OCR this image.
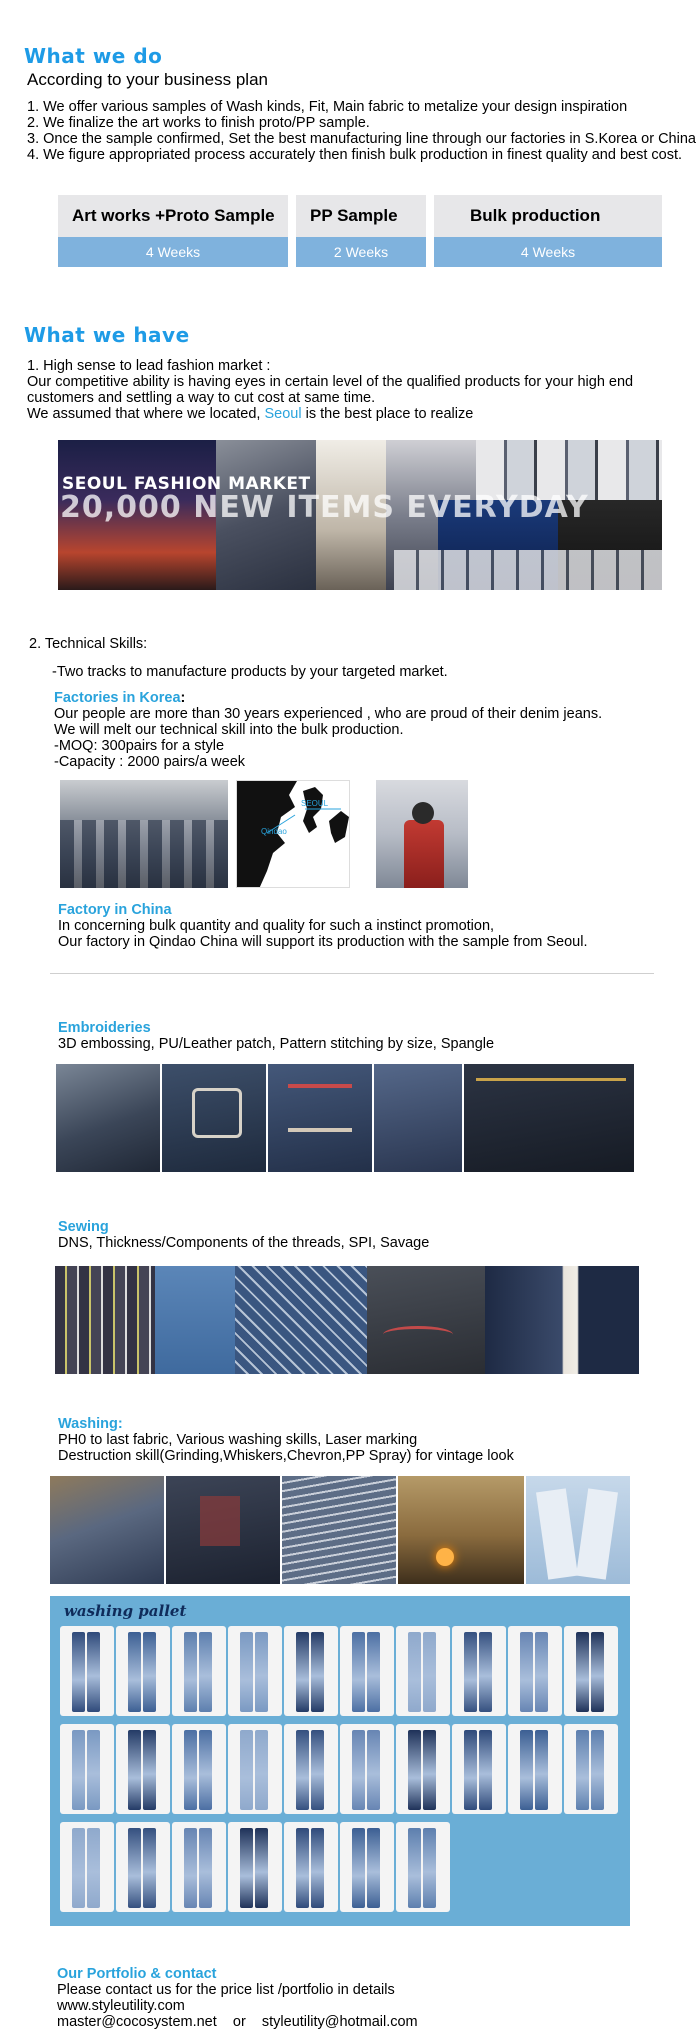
What we do
According to your business plan
1. We offer various samples of Wash kinds, Fit, Main fabric to metalize your design inspiration
2. We finalize the art works to finish proto/PP sample.
3. Once the sample confirmed, Set the best manufacturing line through our factories in S.Korea or China
4. We figure appropriated process accurately then finish bulk production in finest quality and best cost.
Art works +Proto Sample
4 Weeks
PP Sample
2 Weeks
Bulk production
4 Weeks
What we have
1. High sense to lead fashion market :
Our competitive ability is having eyes in certain level of the qualified products for your high end
customers and settling a way to cut cost at same time.
We assumed that where we located, Seoul is the best place to realize
SEOUL FASHION MARKET
20,000 NEW ITEMS EVERYDAY
2. Technical Skills:
-Two tracks to manufacture products by your targeted market.
Factories in Korea:
Our people are more than 30 years experienced , who are proud of their denim jeans.
We will melt our technical skill into the bulk production.
-MOQ: 300pairs for a style
-Capacity : 2000 pairs/a week
SEOUL
Qindao
Factory in China
In concerning bulk quantity and quality for such a instinct promotion,
Our factory in Qindao China will support its production with the sample from Seoul.
Embroideries
3D embossing, PU/Leather patch, Pattern stitching by size, Spangle
Sewing
DNS, Thickness/Components of the threads, SPI, Savage
Washing:
PH0 to last fabric, Various washing skills, Laser marking
Destruction skill(Grinding,Whiskers,Chevron,PP Spray) for vintage look
washing pallet
Our Portfolio & contact
Please contact us for the price list /portfolio in details
www.styleutility.com
master@cocosystem.net    or    styleutility@hotmail.com
